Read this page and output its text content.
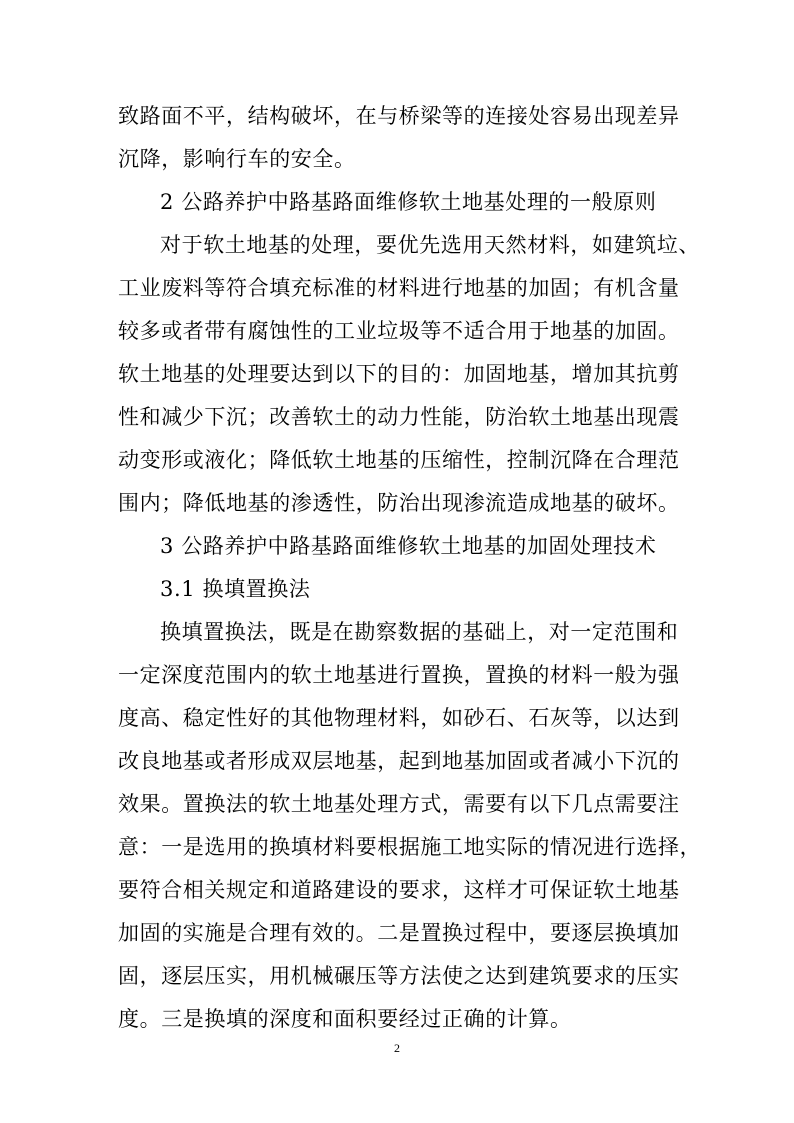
致路面不平，结构破坏，在与桥梁等的连接处容易出现差异
沉降，影响行车的安全。
2 公路养护中路基路面维修软土地基处理的一般原则
对于软土地基的处理，要优先选用天然材料，如建筑垃、
工业废料等符合填充标准的材料进行地基的加固；有机含量
较多或者带有腐蚀性的工业垃圾等不适合用于地基的加固。
软土地基的处理要达到以下的目的：加固地基，增加其抗剪
性和减少下沉；改善软土的动力性能，防治软土地基出现震
动变形或液化；降低软土地基的压缩性，控制沉降在合理范
围内；降低地基的渗透性，防治出现渗流造成地基的破坏。
3 公路养护中路基路面维修软土地基的加固处理技术
3.1 换填置换法
换填置换法，既是在勘察数据的基础上，对一定范围和
一定深度范围内的软土地基进行置换，置换的材料一般为强
度高、稳定性好的其他物理材料，如砂石、石灰等，以达到
改良地基或者形成双层地基，起到地基加固或者减小下沉的
效果。置换法的软土地基处理方式，需要有以下几点需要注
意：一是选用的换填材料要根据施工地实际的情况进行选择，
要符合相关规定和道路建设的要求，这样才可保证软土地基
加固的实施是合理有效的。二是置换过程中，要逐层换填加
固，逐层压实，用机械碾压等方法使之达到建筑要求的压实
度。三是换填的深度和面积要经过正确的计算。
2
